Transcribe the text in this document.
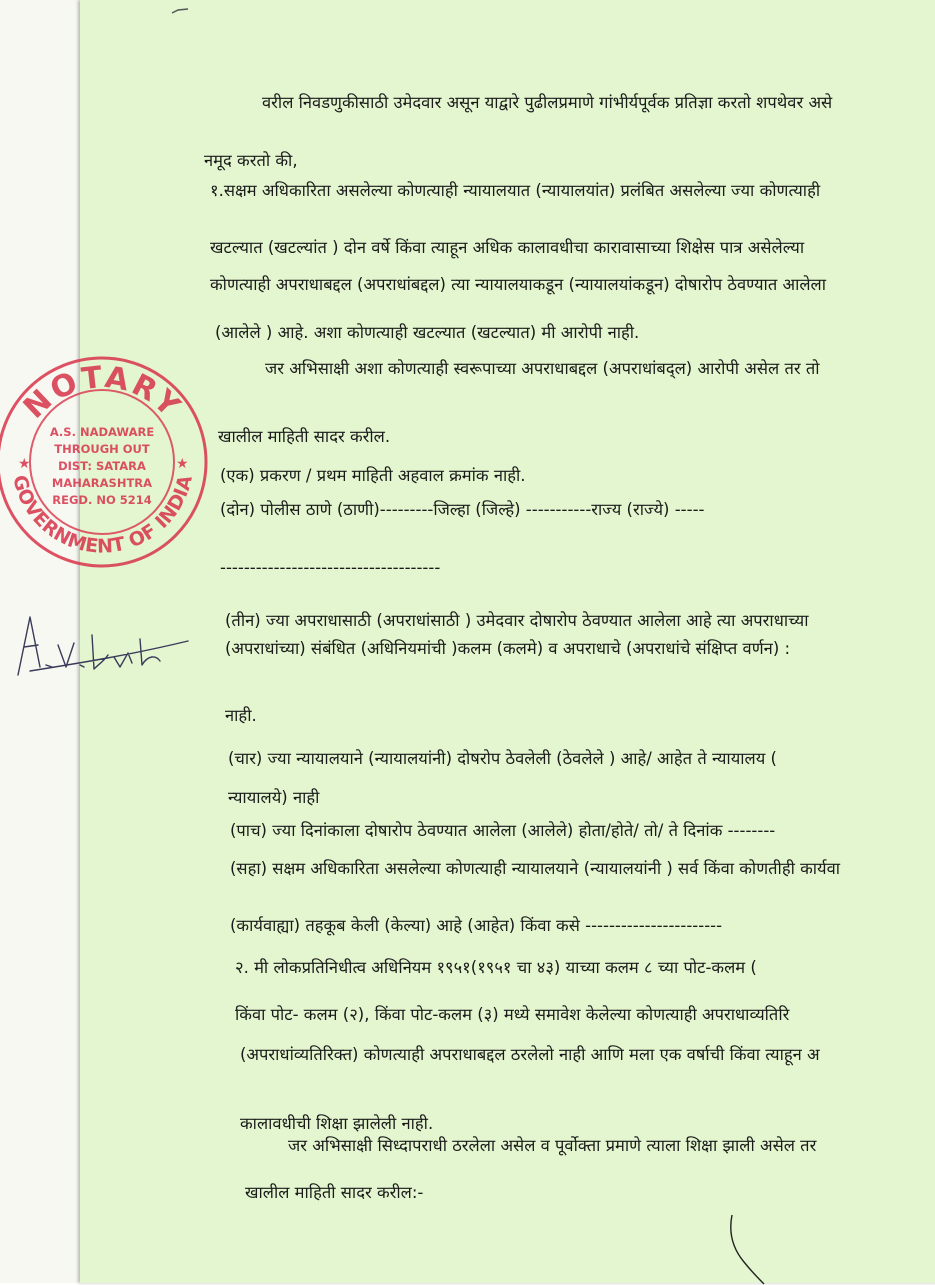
वरील निवडणुकीसाठी उमेदवार असून याद्वारे पुढीलप्रमाणे गांभीर्यपूर्वक प्रतिज्ञा करतो शपथेवर असे
नमूद करतो की,
१.सक्षम अधिकारिता असलेल्या कोणत्याही न्यायालयात (न्यायालयांत) प्रलंबित असलेल्या ज्या कोणत्याही
खटल्यात (खटल्यांत ) दोन वर्षे किंवा त्याहून अधिक कालावधीचा कारावासाच्या शिक्षेस पात्र असेलेल्या
कोणत्याही अपराधाबद्दल (अपराधांबद्दल) त्या न्यायालयाकडून (न्यायालयांकडून) दोषारोप ठेवण्यात आलेला
(आलेले ) आहे. अशा कोणत्याही खटल्यात (खटल्यात) मी आरोपी नाही.
जर अभिसाक्षी अशा कोणत्याही स्वरूपाच्या अपराधाबद्दल (अपराधांबद्ल) आरोपी असेल तर तो
खालील माहिती सादर करील.
(एक) प्रकरण / प्रथम माहिती अहवाल क्रमांक नाही.
(दोन) पोलीस ठाणे (ठाणी)---------जिल्हा (जिल्हे) -----------राज्य (राज्ये) -----
-------------------------------------
(तीन) ज्या अपराधासाठी (अपराधांसाठी ) उमेदवार दोषारोप ठेवण्यात आलेला आहे त्या अपराधाच्या
(अपराधांच्या) संबंधित (अधिनियमांची )कलम (कलमे) व अपराधाचे (अपराधांचे संक्षिप्त वर्णन) :
नाही.
(चार) ज्या न्यायालयाने (न्यायालयांनी) दोषरोप ठेवलेली (ठेवलेले ) आहे/ आहेत ते न्यायालय (
न्यायालये) नाही
(पाच) ज्या दिनांकाला दोषारोप ठेवण्यात आलेला (आलेले) होता/होते/ तो/ ते दिनांक --------
(सहा) सक्षम अधिकारिता असलेल्या कोणत्याही न्यायालयाने (न्यायालयांनी ) सर्व किंवा कोणतीही कार्यवा
(कार्यवाह्या) तहकूब केली (केल्या) आहे (आहेत) किंवा कसे -----------------------
२. मी लोकप्रतिनिधीत्व अधिनियम १९५१(१९५१ चा ४३) याच्या कलम ८ च्या पोट-कलम (
किंवा पोट- कलम (२), किंवा पोट-कलम (३) मध्ये समावेश केलेल्या कोणत्याही अपराधाव्यतिरि
(अपराधांव्यतिरिक्त) कोणत्याही अपराधाबद्दल ठरलेलो नाही आणि मला एक वर्षाची किंवा त्याहून अ
कालावधीची शिक्षा झालेली नाही.
जर अभिसाक्षी सिध्दापराधी ठरलेला असेल व पूर्वोक्ता प्रमाणे त्याला शिक्षा झाली असेल तर
खालील माहिती सादर करील:-
NOTARY
GOVERNMENT OF INDIA
★	★
A.S. NADAWARE
THROUGH OUT
DIST: SATARA
MAHARASHTRA
REGD. NO 5214
